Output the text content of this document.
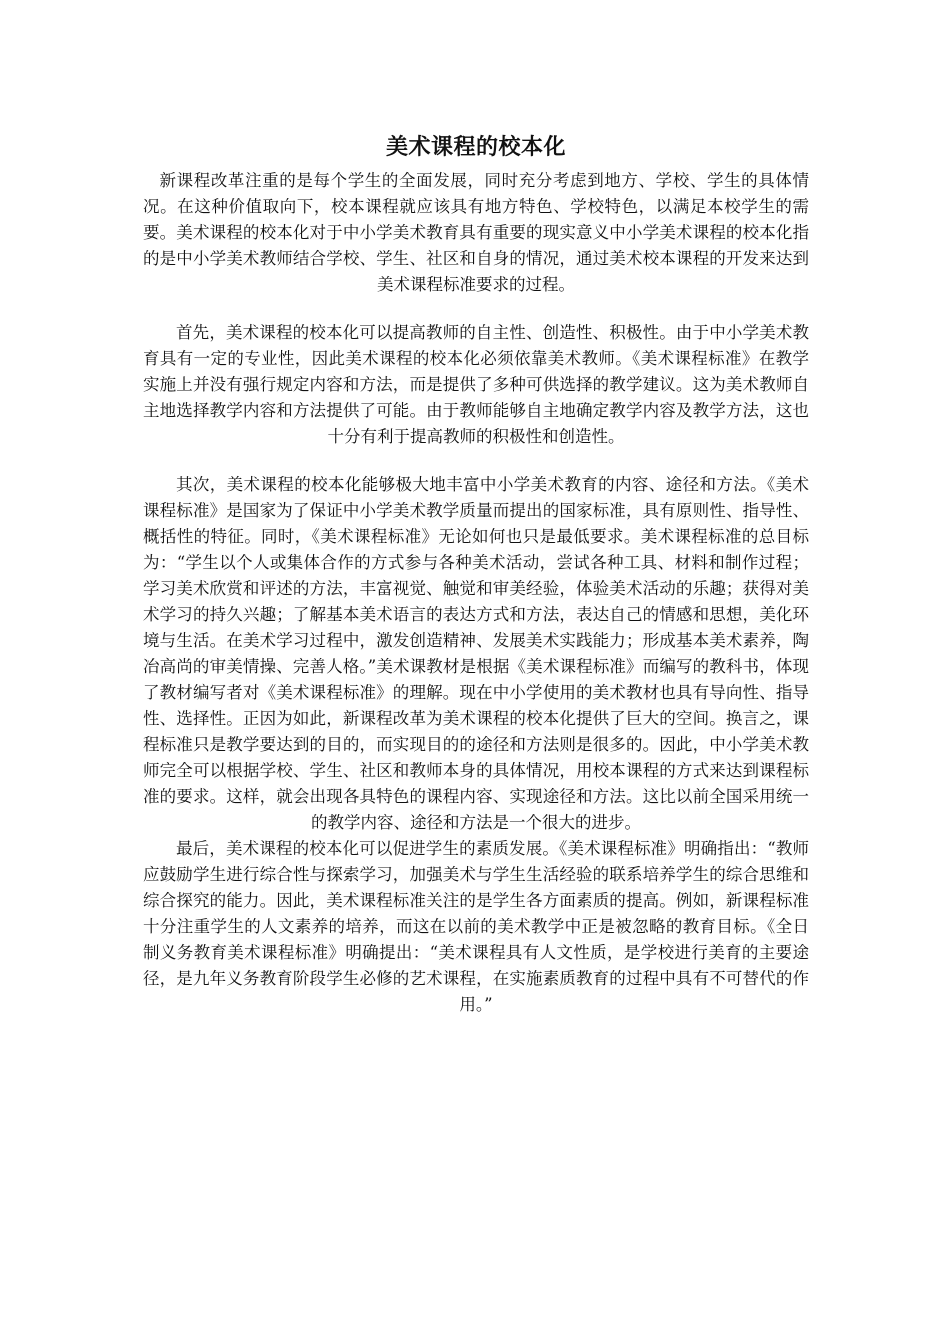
美术课程的校本化

新课程改革注重的是每个学生的全面发展，同时充分考虑到地方、学校、学生的具体情况。在这种价值取向下，校本课程就应该具有地方特色、学校特色，以满足本校学生的需要。美术课程的校本化对于中小学美术教育具有重要的现实意义中小学美术课程的校本化指的是中小学美术教师结合学校、学生、社区和自身的情况，通过美术校本课程的开发来达到美术课程标准要求的过程。

首先，美术课程的校本化可以提高教师的自主性、创造性、积极性。由于中小学美术教育具有一定的专业性，因此美术课程的校本化必须依靠美术教师。《美术课程标准》在教学实施上并没有强行规定内容和方法，而是提供了多种可供选择的教学建议。这为美术教师自主地选择教学内容和方法提供了可能。由于教师能够自主地确定教学内容及教学方法，这也十分有利于提高教师的积极性和创造性。

其次，美术课程的校本化能够极大地丰富中小学美术教育的内容、途径和方法。《美术课程标准》是国家为了保证中小学美术教学质量而提出的国家标准，具有原则性、指导性、概括性的特征。同时，《美术课程标准》无论如何也只是最低要求。美术课程标准的总目标为：“学生以个人或集体合作的方式参与各种美术活动，尝试各种工具、材料和制作过程；学习美术欣赏和评述的方法，丰富视觉、触觉和审美经验，体验美术活动的乐趣；获得对美术学习的持久兴趣；了解基本美术语言的表达方式和方法，表达自己的情感和思想，美化环境与生活。在美术学习过程中，激发创造精神、发展美术实践能力；形成基本美术素养，陶冶高尚的审美情操、完善人格。”美术课教材是根据《美术课程标准》而编写的教科书，体现了教材编写者对《美术课程标准》的理解。现在中小学使用的美术教材也具有导向性、指导性、选择性。正因为如此，新课程改革为美术课程的校本化提供了巨大的空间。换言之，课程标准只是教学要达到的目的，而实现目的的途径和方法则是很多的。因此，中小学美术教师完全可以根据学校、学生、社区和教师本身的具体情况，用校本课程的方式来达到课程标准的要求。这样，就会出现各具特色的课程内容、实现途径和方法。这比以前全国采用统一的教学内容、途径和方法是一个很大的进步。

最后，美术课程的校本化可以促进学生的素质发展。《美术课程标准》明确指出：“教师应鼓励学生进行综合性与探索学习，加强美术与学生生活经验的联系培养学生的综合思维和综合探究的能力。因此，美术课程标准关注的是学生各方面素质的提高。例如，新课程标准十分注重学生的人文素养的培养，而这在以前的美术教学中正是被忽略的教育目标。《全日制义务教育美术课程标准》明确提出：“美术课程具有人文性质，是学校进行美育的主要途径，是九年义务教育阶段学生必修的艺术课程，在实施素质教育的过程中具有不可替代的作用。”
